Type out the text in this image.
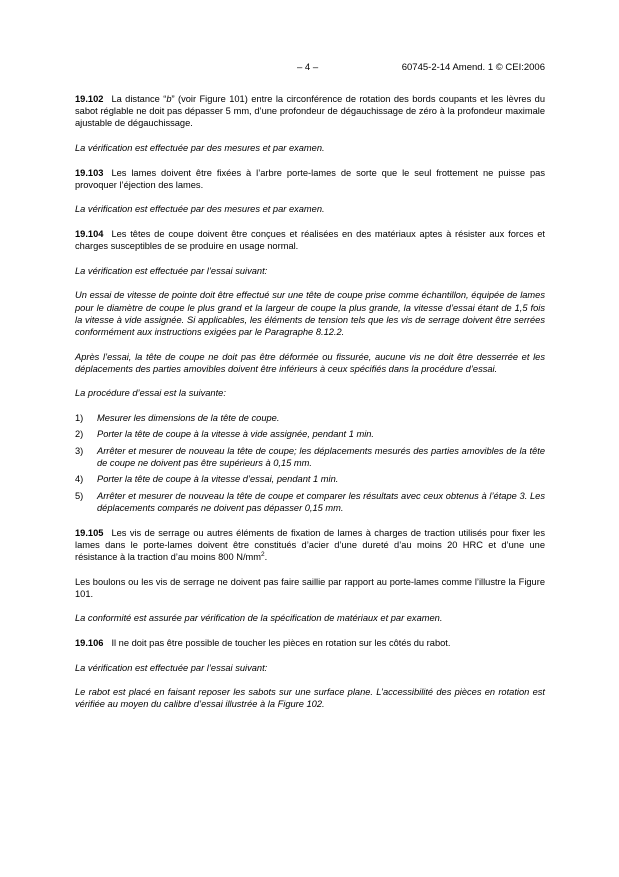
– 4 –	60745-2-14 Amend. 1 © CEI:2006

19.102 La distance “b” (voir Figure 101) entre la circonférence de rotation des bords coupants et les lèvres du sabot réglable ne doit pas dépasser 5 mm, d’une profondeur de dégauchissage de zéro à la profondeur maximale ajustable de dégauchissage.

La vérification est effectuée par des mesures et par examen.

19.103 Les lames doivent être fixées à l’arbre porte-lames de sorte que le seul frottement ne puisse pas provoquer l’éjection des lames.

La vérification est effectuée par des mesures et par examen.

19.104 Les têtes de coupe doivent être conçues et réalisées en des matériaux aptes à résister aux forces et charges susceptibles de se produire en usage normal.

La vérification est effectuée par l’essai suivant:

Un essai de vitesse de pointe doit être effectué sur une tête de coupe prise comme échantillon, équipée de lames pour le diamètre de coupe le plus grand et la largeur de coupe la plus grande, la vitesse d’essai étant de 1,5 fois la vitesse à vide assignée. Si applicables, les éléments de tension tels que les vis de serrage doivent être serrées conformément aux instructions exigées par le Paragraphe 8.12.2.

Après l’essai, la tête de coupe ne doit pas être déformée ou fissurée, aucune vis ne doit être desserrée et les déplacements des parties amovibles doivent être inférieurs à ceux spécifiés dans la procédure d’essai.

La procédure d’essai est la suivante:

1) Mesurer les dimensions de la tête de coupe.
2) Porter la tête de coupe à la vitesse à vide assignée, pendant 1 min.
3) Arrêter et mesurer de nouveau la tête de coupe; les déplacements mesurés des parties amovibles de la tête de coupe ne doivent pas être supérieurs à 0,15 mm.
4) Porter la tête de coupe à la vitesse d’essai, pendant 1 min.
5) Arrêter et mesurer de nouveau la tête de coupe et comparer les résultats avec ceux obtenus à l’étape 3. Les déplacements comparés ne doivent pas dépasser 0,15 mm.

19.105 Les vis de serrage ou autres éléments de fixation de lames à charges de traction utilisés pour fixer les lames dans le porte-lames doivent être constitués d’acier d’une dureté d’au moins 20 HRC et d’une une résistance à la traction d’au moins 800 $N/mm^2$.

Les boulons ou les vis de serrage ne doivent pas faire saillie par rapport au porte-lames comme l’illustre la Figure 101.

La conformité est assurée par vérification de la spécification de matériaux et par examen.

19.106 Il ne doit pas être possible de toucher les pièces en rotation sur les côtés du rabot.

La vérification est effectuée par l’essai suivant:

Le rabot est placé en faisant reposer les sabots sur une surface plane. L’accessibilité des pièces en rotation est vérifiée au moyen du calibre d’essai illustrée à la Figure 102.
